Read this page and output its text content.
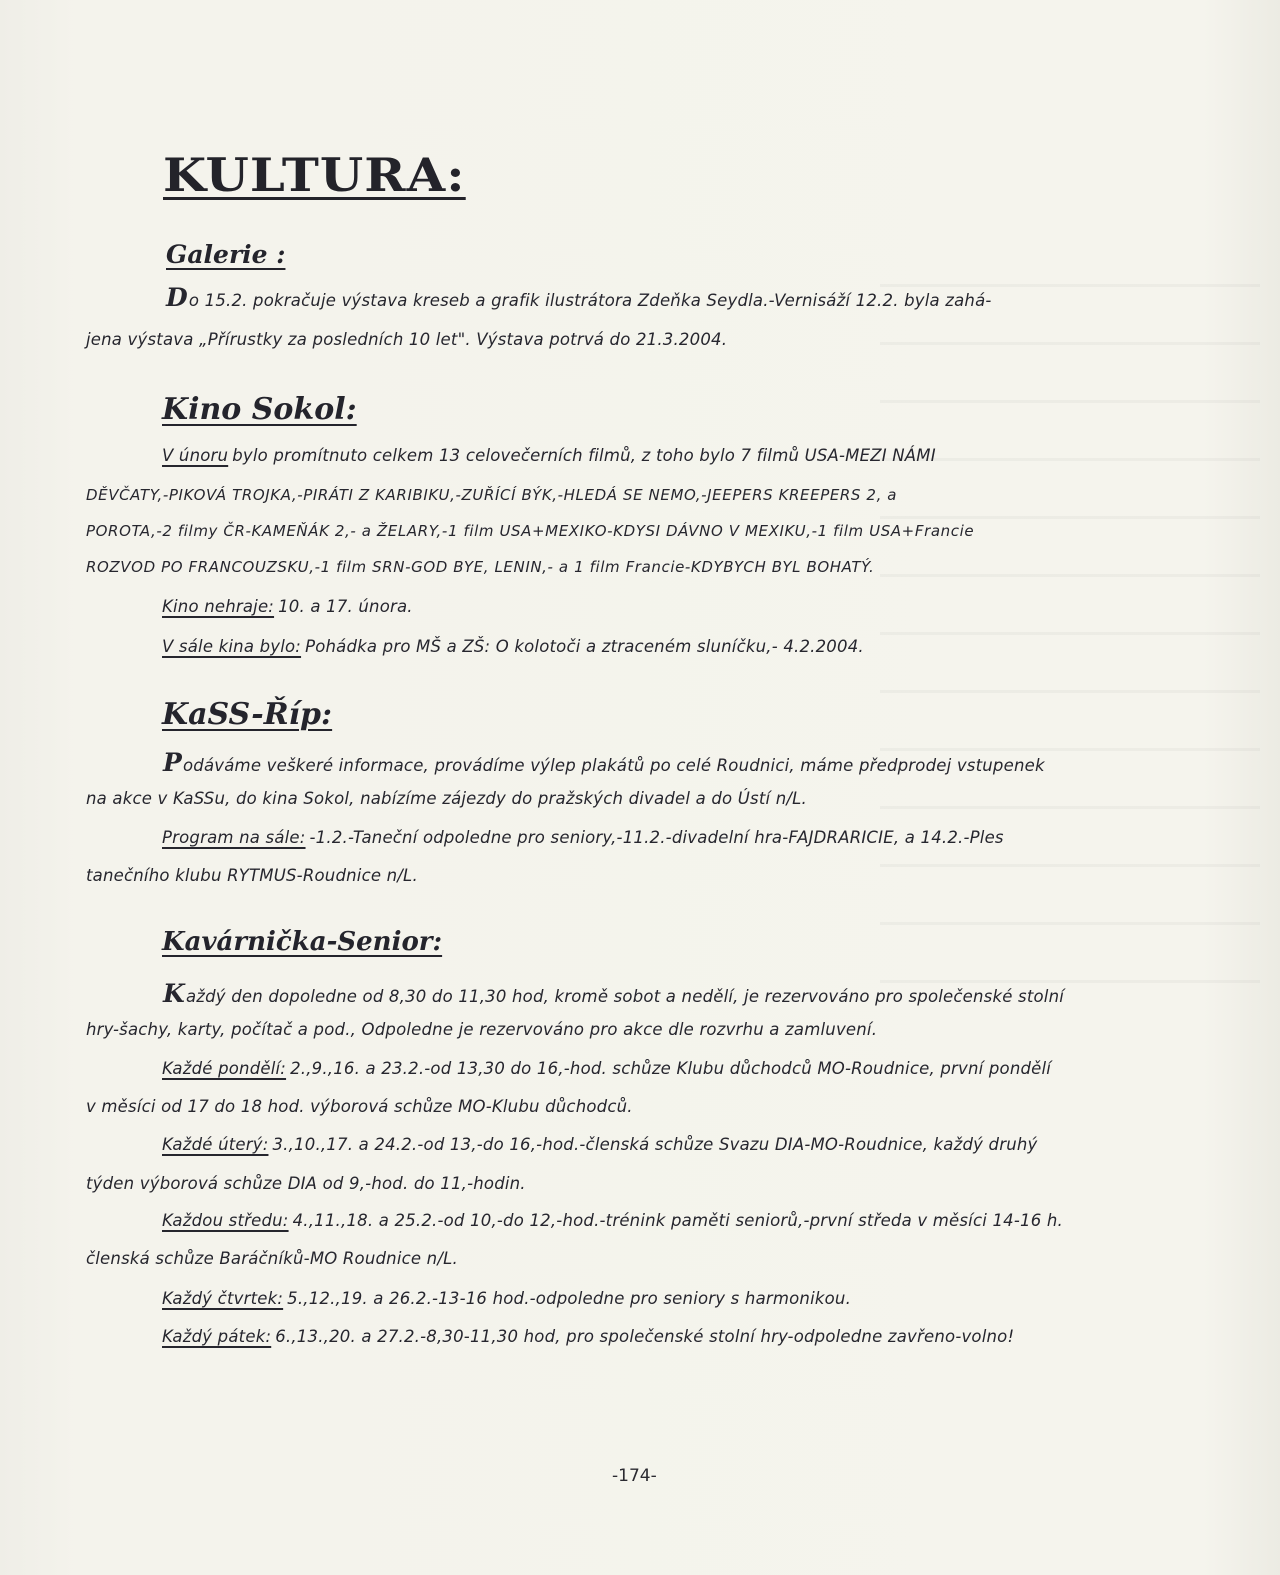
KULTURA:
Galerie :
Do 15.2. pokračuje výstava kreseb a grafik ilustrátora Zdeňka Seydla.-Vernisáží 12.2. byla zahá-
jena výstava „Přírustky za posledních 10 let". Výstava potrvá do 21.3.2004.
Kino Sokol:
V únoru bylo promítnuto celkem 13 celovečerních filmů, z toho bylo 7 filmů USA-MEZI NÁMI
DĚVČATY,-PIKOVÁ TROJKA,-PIRÁTI Z KARIBIKU,-ZUŘÍCÍ BÝK,-HLEDÁ SE NEMO,-JEEPERS KREEPERS 2, a
POROTA,-2 filmy ČR-KAMEŇÁK 2,- a ŽELARY,-1 film USA+MEXIKO-KDYSI DÁVNO V MEXIKU,-1 film USA+Francie
ROZVOD PO FRANCOUZSKU,-1 film SRN-GOD BYE, LENIN,- a 1 film Francie-KDYBYCH BYL BOHATÝ.
Kino nehraje: 10. a 17. února.
V sále kina bylo: Pohádka pro MŠ a ZŠ: O kolotoči a ztraceném sluníčku,- 4.2.2004.
KaSS-Říp:
Podáváme veškeré informace, provádíme výlep plakátů po celé Roudnici, máme předprodej vstupenek
na akce v KaSSu, do kina Sokol, nabízíme zájezdy do pražských divadel a do Ústí n/L.
Program na sále: -1.2.-Taneční odpoledne pro seniory,-11.2.-divadelní hra-FAJDRARICIE, a 14.2.-Ples
tanečního klubu RYTMUS-Roudnice n/L.
Kavárnička-Senior:
Každý den dopoledne od 8,30 do 11,30 hod, kromě sobot a nedělí, je rezervováno pro společenské stolní
hry-šachy, karty, počítač a pod., Odpoledne je rezervováno pro akce dle rozvrhu a zamluvení.
Každé pondělí: 2.,9.,16. a 23.2.-od 13,30 do 16,-hod. schůze Klubu důchodců MO-Roudnice, první pondělí
v měsíci od 17 do 18 hod. výborová schůze MO-Klubu důchodců.
Každé úterý: 3.,10.,17. a 24.2.-od 13,-do 16,-hod.-členská schůze Svazu DIA-MO-Roudnice, každý druhý
týden výborová schůze DIA od 9,-hod. do 11,-hodin.
Každou středu: 4.,11.,18. a 25.2.-od 10,-do 12,-hod.-trénink paměti seniorů,-první středa v měsíci 14-16 h.
členská schůze Baráčníků-MO Roudnice n/L.
Každý čtvrtek: 5.,12.,19. a 26.2.-13-16 hod.-odpoledne pro seniory s harmonikou.
Každý pátek: 6.,13.,20. a 27.2.-8,30-11,30 hod, pro společenské stolní hry-odpoledne zavřeno-volno!
-174-
